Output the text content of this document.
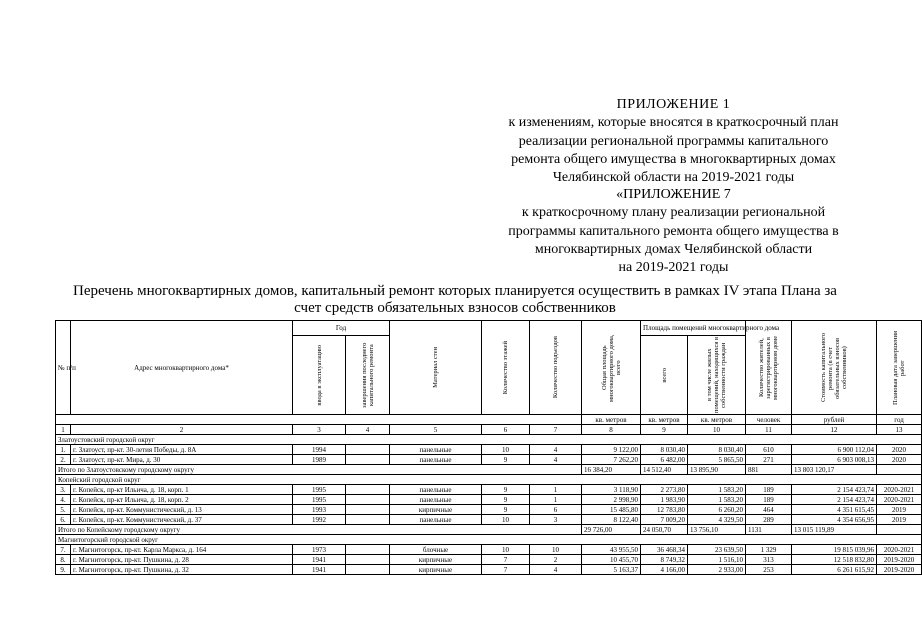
ПРИЛОЖЕНИЕ 1
к изменениям, которые вносятся в краткосрочный план
реализации региональной программы капитального
ремонта общего имущества в многоквартирных домах
Челябинской области на 2019-2021 годы
«ПРИЛОЖЕНИЕ 7
к краткосрочному плану реализации региональной
программы капитального ремонта общего имущества в
многоквартирных домах Челябинской области
на 2019-2021 годы
Перечень многоквартирных домов, капитальный ремонт которых планируется осуществить в рамках IV этапа Плана за
счет средств обязательных взносов собственников
№ п/п	Адрес многоквартирного дома*	Год		Материал стен	Количество этажей	Количество подъездов	Общая площадь многоквартирного дома, всего	Площадь помещений многоквартирного дома		Количество жителей, зарегистрированных в многоквартирном доме	Стоимость капитального ремонта (в счет обязательных взносов собственников)	Плановая дата завершения работ

		ввода в эксплуатацию	завершения последнего капитального ремонта					всего	в том числе жилых помещений, находящихся в собственности граждан			

							кв. метров	кв. метров	кв. метров	человек	рублей	год
1	2	3	4	5	6	7	8	9	10	11	12	13
Златоустовский городской округ												
1.	г. Златоуст, пр-кт. 30-летия Победы, д. 8А	1994		панельные	10	4	9 122,00	8 030,40	8 030,40	610	6 900 112,04	2020
2.	г. Златоуст, пр-кт. Мира, д. 30	1989		панельные	9	4	7 262,20	6 482,00	5 865,50	271	6 903 008,13	2020
Итого по Златоустовскому городскому округу							16 384,20	14 512,40	13 895,90	881	13 803 120,17	
Копейский городской округ												
3.	г. Копейск, пр-кт Ильича, д. 18, корп. 1	1995		панельные	9	1	3 118,90	2 273,80	1 583,20	189	2 154 423,74	2020-2021
4.	г. Копейск, пр-кт Ильича, д. 18, корп. 2	1995		панельные	9	1	2 998,90	1 983,90	1 583,20	189	2 154 423,74	2020-2021
5.	г. Копейск, пр-кт. Коммунистический, д. 13	1993		кирпичные	9	6	15 485,80	12 783,80	6 260,20	464	4 351 615,45	2019
6.	г. Копейск, пр-кт. Коммунистический, д. 37	1992		панельные	10	3	8 122,40	7 009,20	4 329,50	289	4 354 656,95	2019
Итого по Копейскому городскому округу							29 726,00	24 050,70	13 756,10	1131	13 015 119,89	
Магнитогорский городской округ												
7.	г. Магнитогорск, пр-кт. Карла Маркса, д. 164	1973		блочные	10	10	43 955,50	36 468,34	23 639,50	1 329	19 815 039,96	2020-2021
8.	г. Магнитогорск, пр-кт. Пушкина, д. 28	1941		кирпичные	7	2	10 455,70	8 749,32	1 516,10	313	12 518 832,80	2019-2020
9.	г. Магнитогорск, пр-кт. Пушкина, д. 32	1941		кирпичные	7	4	5 163,37	4 166,00	2 933,00	253	6 261 615,92	2019-2020
